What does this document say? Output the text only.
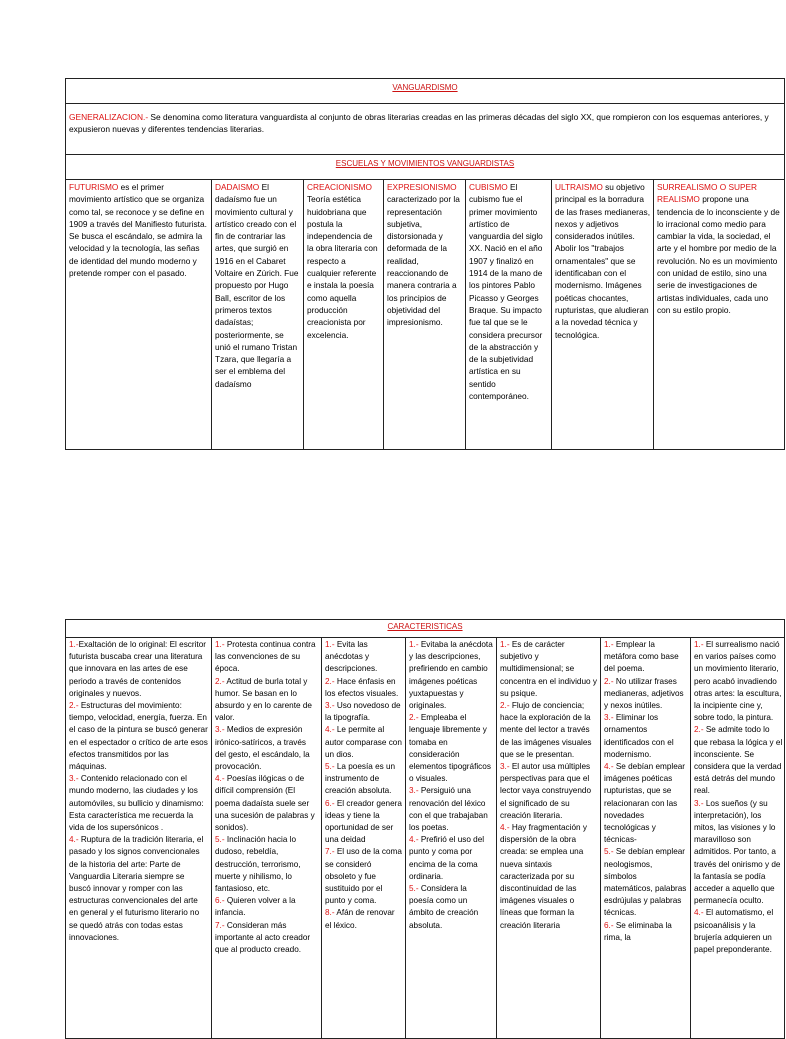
VANGUARDISMO
GENERALIZACION.- Se denomina como literatura vanguardista al conjunto de obras literarias creadas en las primeras décadas del siglo XX, que rompieron con los esquemas anteriores, y expusieron nuevas y diferentes tendencias literarias.
ESCUELAS Y MOVIMIENTOS VANGUARDISTAS
FUTURISMO es el primer movimiento artístico que se organiza como tal, se reconoce y se define en 1909 a través del Manifiesto futurista. Se busca el escándalo, se admira la velocidad y la tecnología, las señas de identidad del mundo moderno y pretende romper con el pasado.
DADAISMO El dadaísmo fue un movimiento cultural y artístico creado con el fin de contrariar las artes, que surgió en 1916 en el Cabaret Voltaire en Zúrich. Fue propuesto por Hugo Ball, escritor de los primeros textos dadaístas; posteriormente, se unió el rumano Tristan Tzara, que llegaría a ser el emblema del dadaísmo
CREACIONISMO Teoría estética huidobriana que postula la independencia de la obra literaria con respecto a cualquier referente e instala la poesía como aquella producción creacionista por excelencia.
EXPRESIONISMO caracterizado por la representación subjetiva, distorsionada y deformada de la realidad, reaccionando de manera contraria a los principios de objetividad del impresionismo.
CUBISMO El cubismo fue el primer movimiento artístico de vanguardia del siglo XX. Nació en el año 1907 y finalizó en 1914 de la mano de los pintores Pablo Picasso y Georges Braque. Su impacto fue tal que se le considera precursor de la abstracción y de la subjetividad artística en su sentido contemporáneo.
ULTRAISMO su objetivo principal es la borradura de las frases medianeras, nexos y adjetivos considerados inútiles. Abolir los "trabajos ornamentales" que se identificaban con el modernismo. Imágenes poéticas chocantes, rupturistas, que aludieran a la novedad técnica y tecnológica.
SURREALISMO O SUPER REALISMO propone una tendencia de lo inconsciente y de lo irracional como medio para cambiar la vida, la sociedad, el arte y el hombre por medio de la revolución. No es un movimiento con unidad de estilo, sino una serie de investigaciones de artistas individuales, cada uno con su estilo propio.
CARACTERISTICAS
1.-Exaltación de lo original: El escritor futurista buscaba crear una literatura que innovara en las artes de ese periodo a través de contenidos originales y nuevos.
2.- Estructuras del movimiento: tiempo, velocidad, energía, fuerza. En el caso de la pintura se buscó generar en el espectador o crítico de arte esos efectos transmitidos por las máquinas.
3.- Contenido relacionado con el mundo moderno, las ciudades y los automóviles, su bullicio y dinamismo: Esta característica me recuerda la vida de los supersónicos .
4.- Ruptura de la tradición literaria, el pasado y los signos convencionales de la historia del arte: Parte de Vanguardia Literaria siempre se buscó innovar y romper con las estructuras convencionales del arte en general y el futurismo literario no se quedó atrás con todas estas innovaciones.
1.- Protesta continua contra las convenciones de su época.
2.- Actitud de burla total y humor. Se basan en lo absurdo y en lo carente de valor.
3.- Medios de expresión irónico-satíricos, a través del gesto, el escándalo, la provocación.
4.- Poesías ilógicas o de difícil comprensión (El poema dadaísta suele ser una sucesión de palabras y sonidos).
5.- Inclinación hacia lo dudoso, rebeldía, destrucción, terrorismo, muerte y nihilismo, lo fantasioso, etc.
6.- Quieren volver a la infancia.
7.- Consideran más importante al acto creador que al producto creado.
1.- Evita las anécdotas y descripciones.
2.- Hace énfasis en los efectos visuales.
3.- Uso novedoso de la tipografía.
4.- Le permite al autor comparase con un dios.
5.- La poesía es un instrumento de creación absoluta.
6.- El creador genera ideas y tiene la oportunidad de ser una deidad
7.- El uso de la coma se consideró obsoleto y fue sustituido por el punto y coma.
8.- Afán de renovar el léxico.
1.- Evitaba la anécdota y las descripciones, prefiriendo en cambio imágenes poéticas yuxtapuestas y originales.
2.- Empleaba el lenguaje libremente y tomaba en consideración elementos tipográficos o visuales.
3.- Persiguió una renovación del léxico con el que trabajaban los poetas.
4.- Prefirió el uso del punto y coma por encima de la coma ordinaria.
5.- Considera la poesía como un ámbito de creación absoluta.
1.- Es de carácter subjetivo y multidimensional; se concentra en el individuo y su psique.
2.- Flujo de conciencia; hace la exploración de la mente del lector a través de las imágenes visuales que se le presentan.
3.- El autor usa múltiples perspectivas para que el lector vaya construyendo el significado de su creación literaria.
4.- Hay fragmentación y dispersión de la obra creada: se emplea una nueva sintaxis caracterizada por su discontinuidad de las imágenes visuales o líneas que forman la creación literaria
1.- Emplear la metáfora como base del poema.
2.- No utilizar frases medianeras, adjetivos y nexos inútiles.
3.- Eliminar los ornamentos identificados con el modernismo.
4.- Se debían emplear imágenes poéticas rupturistas, que se relacionaran con las novedades tecnológicas y técnicas-
5.- Se debían emplear neologismos, símbolos matemáticos, palabras esdrújulas y palabras técnicas.
6.- Se eliminaba la rima, la
1.- El surrealismo nació en varios países como un movimiento literario, pero acabó invadiendo otras artes: la escultura, la incipiente cine y, sobre todo, la pintura.
2.- Se admite todo lo que rebasa la lógica y el inconsciente. Se considera que la verdad está detrás del mundo real.
3.- Los sueños (y su interpretación), los mitos, las visiones y lo maravilloso son admitidos. Por tanto, a través del onirismo y de la fantasía se podía acceder a aquello que permanecía oculto.
4.- El automatismo, el psicoanálisis y la brujería adquieren un papel preponderante.
